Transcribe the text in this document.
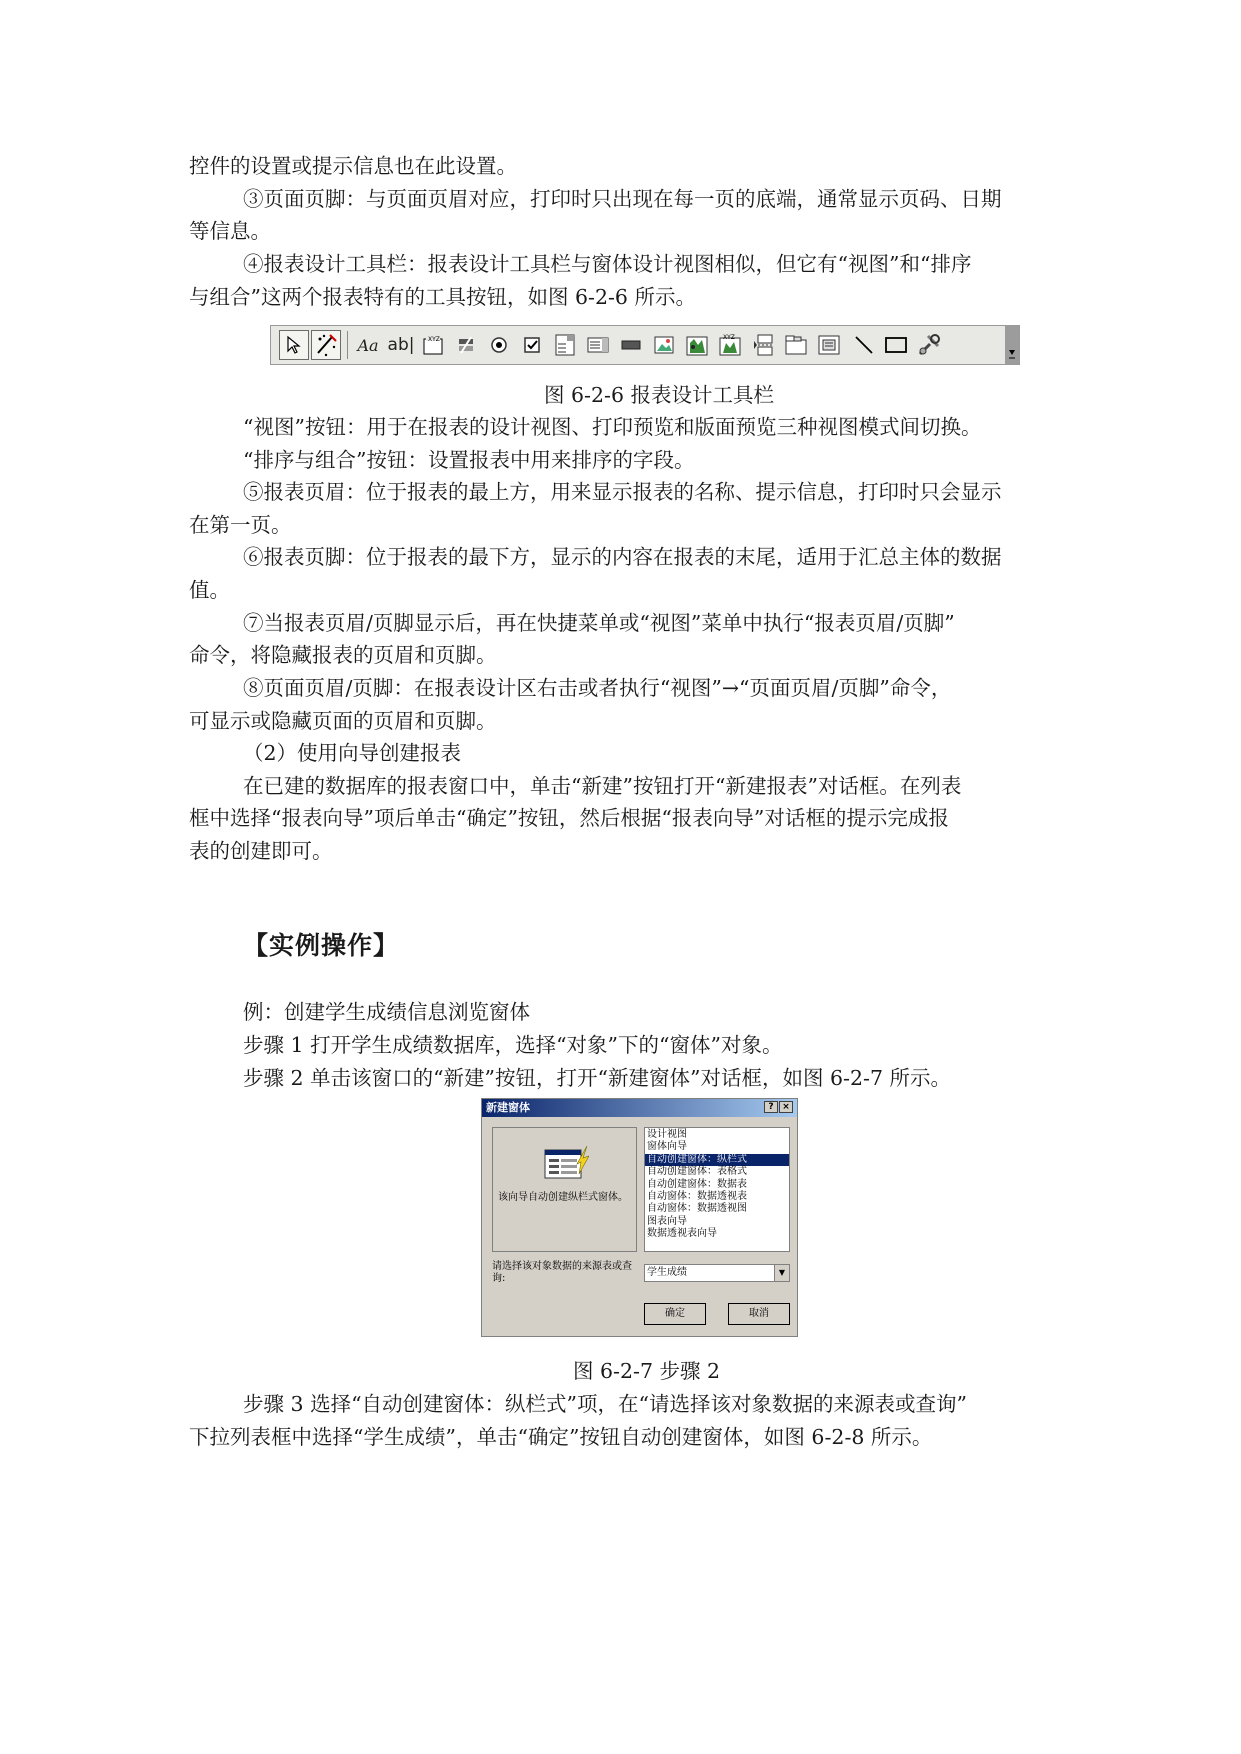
控件的设置或提示信息也在此设置。
③页面页脚：与页面页眉对应，打印时只出现在每一页的底端，通常显示页码、日期
等信息。
④报表设计工具栏：报表设计工具栏与窗体设计视图相似，但它有“视图”和“排序
与组合”这两个报表特有的工具按钮，如图 6-2-6 所示。
Aa ab| XYZ	XYZ
图 6-2-6 报表设计工具栏
“视图”按钮：用于在报表的设计视图、打印预览和版面预览三种视图模式间切换。
“排序与组合”按钮：设置报表中用来排序的字段。
⑤报表页眉：位于报表的最上方，用来显示报表的名称、提示信息，打印时只会显示
在第一页。
⑥报表页脚：位于报表的最下方，显示的内容在报表的末尾，适用于汇总主体的数据
值。
⑦当报表页眉/页脚显示后，再在快捷菜单或“视图”菜单中执行“报表页眉/页脚”
命令，将隐藏报表的页眉和页脚。
⑧页面页眉/页脚：在报表设计区右击或者执行“视图”→“页面页眉/页脚”命令，
可显示或隐藏页面的页眉和页脚。
（2）使用向导创建报表
在已建的数据库的报表窗口中，单击“新建”按钮打开“新建报表”对话框。在列表
框中选择“报表向导”项后单击“确定”按钮，然后根据“报表向导”对话框的提示完成报
表的创建即可。
【实例操作】
例：创建学生成绩信息浏览窗体
步骤 1 打开学生成绩数据库，选择“对象”下的“窗体”对象。
步骤 2 单击该窗口的“新建”按钮，打开“新建窗体”对话框，如图 6-2-7 所示。
新建窗体	? ×
该向导自动创建纵栏式窗体。
设计视图
窗体向导
自动创建窗体：纵栏式
自动创建窗体：表格式
自动创建窗体：数据表
自动窗体：数据透视表
自动窗体：数据透视图
图表向导
数据透视表向导
请选择该对象数据的来源表或查询:
学生成绩	▼
确定	取消
图 6-2-7 步骤 2
步骤 3 选择“自动创建窗体：纵栏式”项，在“请选择该对象数据的来源表或查询”
下拉列表框中选择“学生成绩”，单击“确定”按钮自动创建窗体，如图 6-2-8 所示。
